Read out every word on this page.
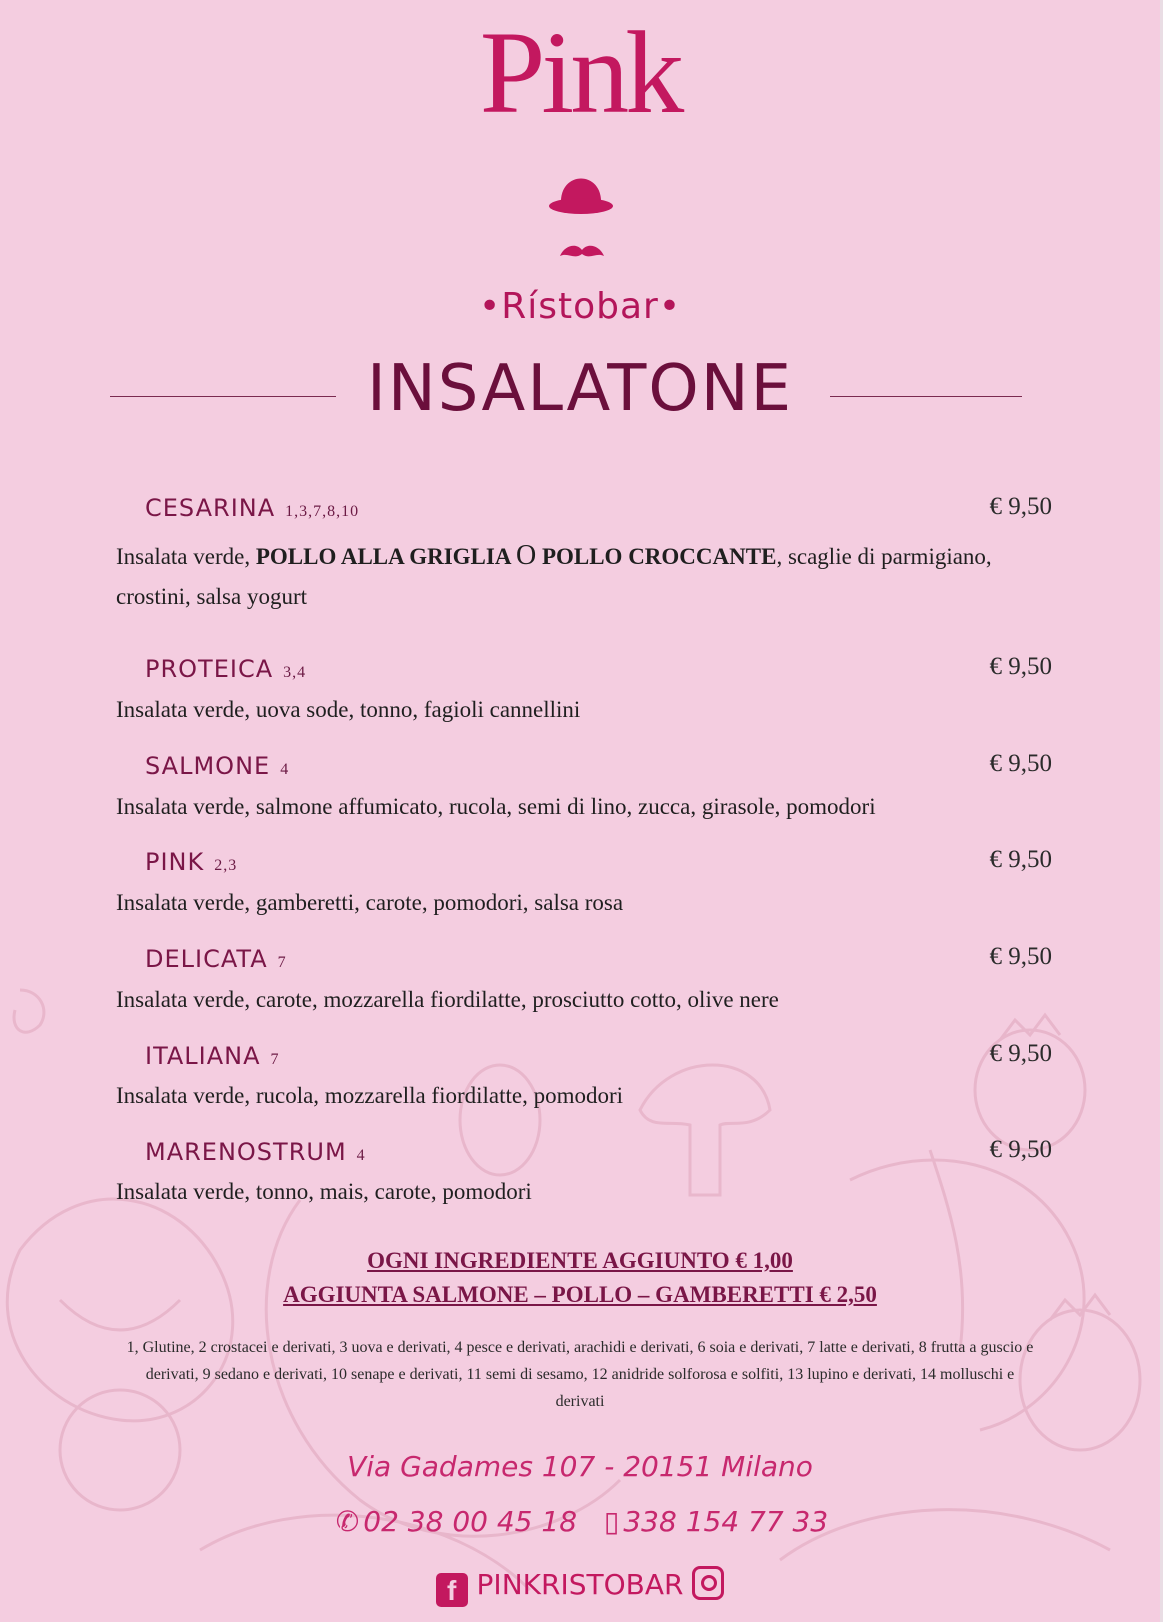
Pink
•Rístobar•
INSALATONE
CESARINA 1,3,7,8,10	€ 9,50
Insalata verde, POLLO ALLA GRIGLIA O POLLO CROCCANTE, scaglie di parmigiano, crostini, salsa yogurt
PROTEICA 3,4	€ 9,50
Insalata verde, uova sode, tonno, fagioli cannellini
SALMONE 4	€ 9,50
Insalata verde, salmone affumicato, rucola, semi di lino, zucca, girasole, pomodori
PINK 2,3	€ 9,50
Insalata verde, gamberetti, carote, pomodori, salsa rosa
DELICATA 7	€ 9,50
Insalata verde, carote, mozzarella fiordilatte, prosciutto cotto, olive nere
ITALIANA 7	€ 9,50
Insalata verde, rucola, mozzarella fiordilatte, pomodori
MARENOSTRUM 4	€ 9,50
Insalata verde, tonno, mais, carote, pomodori
OGNI INGREDIENTE AGGIUNTO € 1,00
AGGIUNTA SALMONE – POLLO – GAMBERETTI € 2,50
1, Glutine, 2 crostacei e derivati, 3 uova e derivati, 4 pesce e derivati, arachidi e derivati, 6 soia e derivati, 7 latte e derivati, 8 frutta a guscio e derivati, 9 sedano e derivati, 10 senape e derivati, 11 semi di sesamo, 12 anidride solforosa e solfiti, 13 lupino e derivati, 14 molluschi e derivati
Via Gadames 107 - 20151 Milano
✆ 02 38 00 45 18 ▯ 338 154 77 33
f PINKRISTOBAR
